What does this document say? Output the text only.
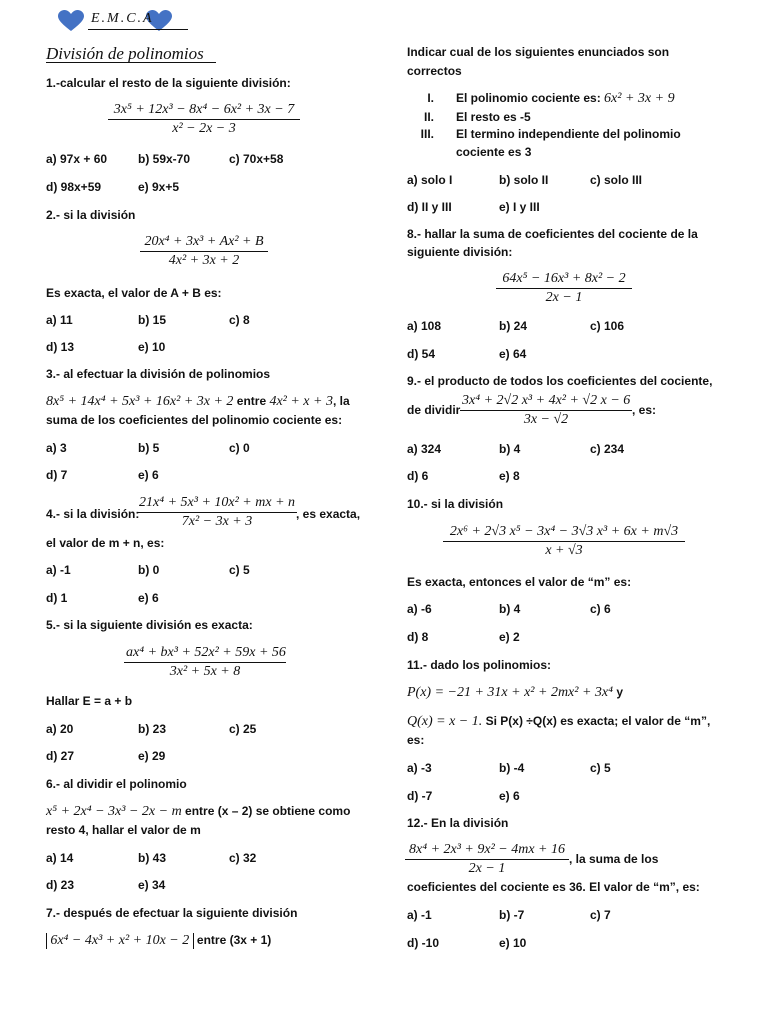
E.M.C.A
División de polinomios
1.-calcular el resto de la siguiente división:
$\frac{\text{3x⁵ + 12x³ − 8x⁴ − 6x² + 3x − 7}}{\text{x² − 2x − 3}}$
a) 97x + 60	b) 59x-70	c) 70x+58
d) 98x+59	e) 9x+5
2.- si la división
$\frac{\text{20x⁴ + 3x³ + Ax² + B}}{\text{4x² + 3x + 2}}$
Es exacta, el valor de A + B es:
a) 11	b) 15	c) 8
d) 13	e) 10
3.- al efectuar la división de polinomios
8x⁵ + 14x⁴ + 5x³ + 16x² + 3x + 2 entre 4x² + x + 3, la
suma de los coeficientes del polinomio cociente es:
a) 3	b) 5	c) 0
d) 7	e) 6
4.- si la división:
$\frac{\text{21x⁴ + 5x³ + 10x² + mx + n}}{\text{7x² − 3x + 3}}$ , es exacta,
el valor de m + n, es:
a) -1	b) 0	c) 5
d) 1	e) 6
5.- si la siguiente división es exacta:
$\frac{\text{ax⁴ + bx³ + 52x² + 59x + 56}}{\text{3x² + 5x + 8}}$
Hallar E = a + b
a) 20	b) 23	c) 25
d) 27	e) 29
6.- al dividir el polinomio
x⁵ + 2x⁴ − 3x³ − 2x − m entre (x – 2) se obtiene como
resto 4, hallar el valor de m
a) 14	b) 43	c) 32
d) 23	e) 34
7.- después de efectuar la siguiente división
6x⁴ − 4x³ + x² + 10x − 2  entre (3x + 1)
Indicar cual de los siguientes enunciados son
correctos
I. El polinomio cociente es: 6x² + 3x + 9
II. El resto es -5
III. El termino independiente del polinomio
cociente es 3
a) solo I	b) solo II	c) solo III
d) II y III	e) I y III
8.- hallar la suma de coeficientes del cociente de la
siguiente división:
$\frac{\text{64x⁵ − 16x³ + 8x² − 2}}{2x - 1}$
a) 108	b) 24	c) 106
d) 54	e) 64
9.- el producto de todos los coeficientes del cociente,
de dividir $\frac{\text{3x⁴ + 2√2 x³ + 4x² + √2 x − 6}}{3x - √2}$ , es:
a) 324	b) 4	c) 234
d) 6	e) 8
10.- si la división
$\frac{\text{2x⁶ + 2√3 x⁵ − 3x⁴ − 3√3 x³ + 6x + m√3}}{x + √3}$
Es exacta, entonces el valor de “m” es:
a) -6	b) 4	c) 6
d) 8	e) 2
11.- dado los polinomios:
P(x) = −21 + 31x + x² + 2mx² + 3x⁴ y
Q(x) = x − 1. Si P(x) ÷Q(x) es exacta; el valor de “m”,
es:
a) -3	b) -4	c) 5
d) -7	e) 6
12.- En la división
$\frac{\text{8x⁴ + 2x³ + 9x² − 4mx + 16}}{2x - 1}$ , la suma de los
coeficientes del cociente es 36. El valor de “m”, es:
a) -1	b) -7	c) 7
d) -10	e) 10
